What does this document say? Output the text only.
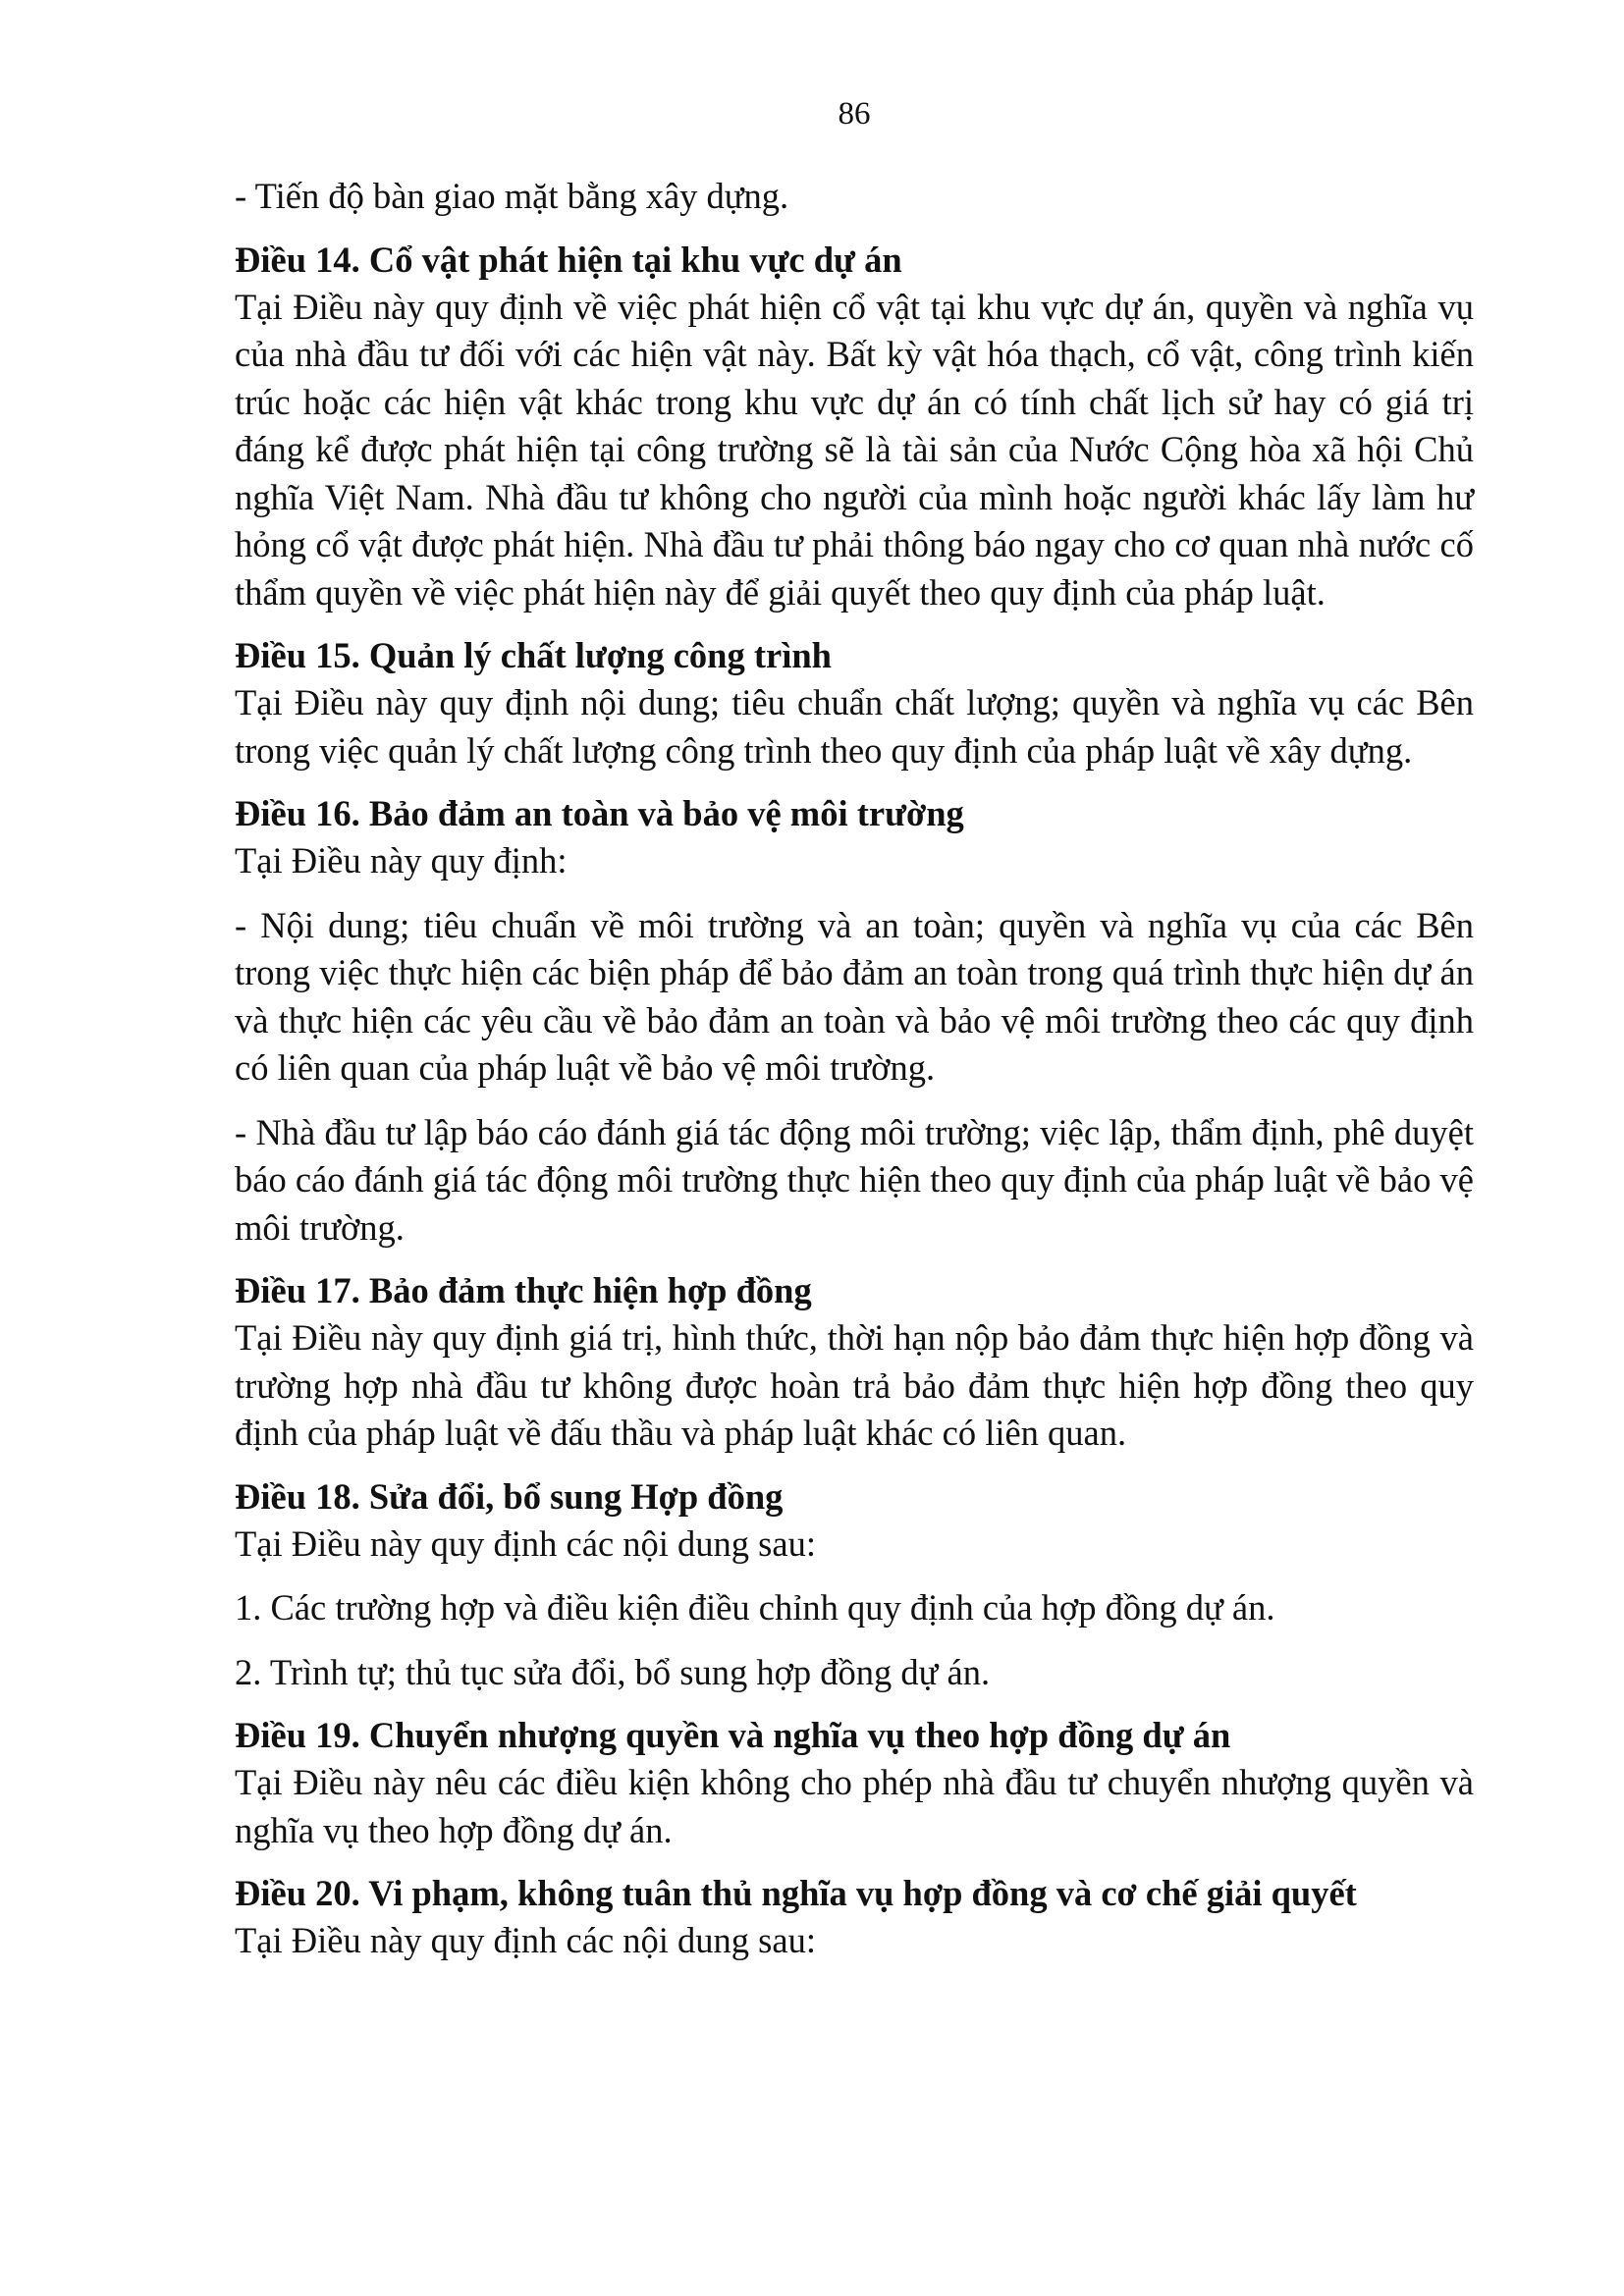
86

- Tiến độ bàn giao mặt bằng xây dựng.

Điều 14. Cổ vật phát hiện tại khu vực dự án

Tại Điều này quy định về việc phát hiện cổ vật tại khu vực dự án, quyền và nghĩa vụ của nhà đầu tư đối với các hiện vật này. Bất kỳ vật hóa thạch, cổ vật, công trình kiến trúc hoặc các hiện vật khác trong khu vực dự án có tính chất lịch sử hay có giá trị đáng kể được phát hiện tại công trường sẽ là tài sản của Nước Cộng hòa xã hội Chủ nghĩa Việt Nam. Nhà đầu tư không cho người của mình hoặc người khác lấy làm hư hỏng cổ vật được phát hiện. Nhà đầu tư phải thông báo ngay cho cơ quan nhà nước cố thẩm quyền về việc phát hiện này để giải quyết theo quy định của pháp luật.

Điều 15. Quản lý chất lượng công trình

Tại Điều này quy định nội dung; tiêu chuẩn chất lượng; quyền và nghĩa vụ các Bên trong việc quản lý chất lượng công trình theo quy định của pháp luật về xây dựng.

Điều 16. Bảo đảm an toàn và bảo vệ môi trường

Tại Điều này quy định:

- Nội dung; tiêu chuẩn về môi trường và an toàn; quyền và nghĩa vụ của các Bên trong việc thực hiện các biện pháp để bảo đảm an toàn trong quá trình thực hiện dự án và thực hiện các yêu cầu về bảo đảm an toàn và bảo vệ môi trường theo các quy định có liên quan của pháp luật về bảo vệ môi trường.

- Nhà đầu tư lập báo cáo đánh giá tác động môi trường; việc lập, thẩm định, phê duyệt báo cáo đánh giá tác động môi trường thực hiện theo quy định của pháp luật về bảo vệ môi trường.

Điều 17. Bảo đảm thực hiện hợp đồng

Tại Điều này quy định giá trị, hình thức, thời hạn nộp bảo đảm thực hiện hợp đồng và trường hợp nhà đầu tư không được hoàn trả bảo đảm thực hiện hợp đồng theo quy định của pháp luật về đấu thầu và pháp luật khác có liên quan.

Điều 18. Sửa đổi, bổ sung Hợp đồng

Tại Điều này quy định các nội dung sau:

1. Các trường hợp và điều kiện điều chỉnh quy định của hợp đồng dự án.

2. Trình tự; thủ tục sửa đổi, bổ sung hợp đồng dự án.

Điều 19. Chuyển nhượng quyền và nghĩa vụ theo hợp đồng dự án

Tại Điều này nêu các điều kiện không cho phép nhà đầu tư chuyển nhượng quyền và nghĩa vụ theo hợp đồng dự án.

Điều 20. Vi phạm, không tuân thủ nghĩa vụ hợp đồng và cơ chế giải quyết

Tại Điều này quy định các nội dung sau:
